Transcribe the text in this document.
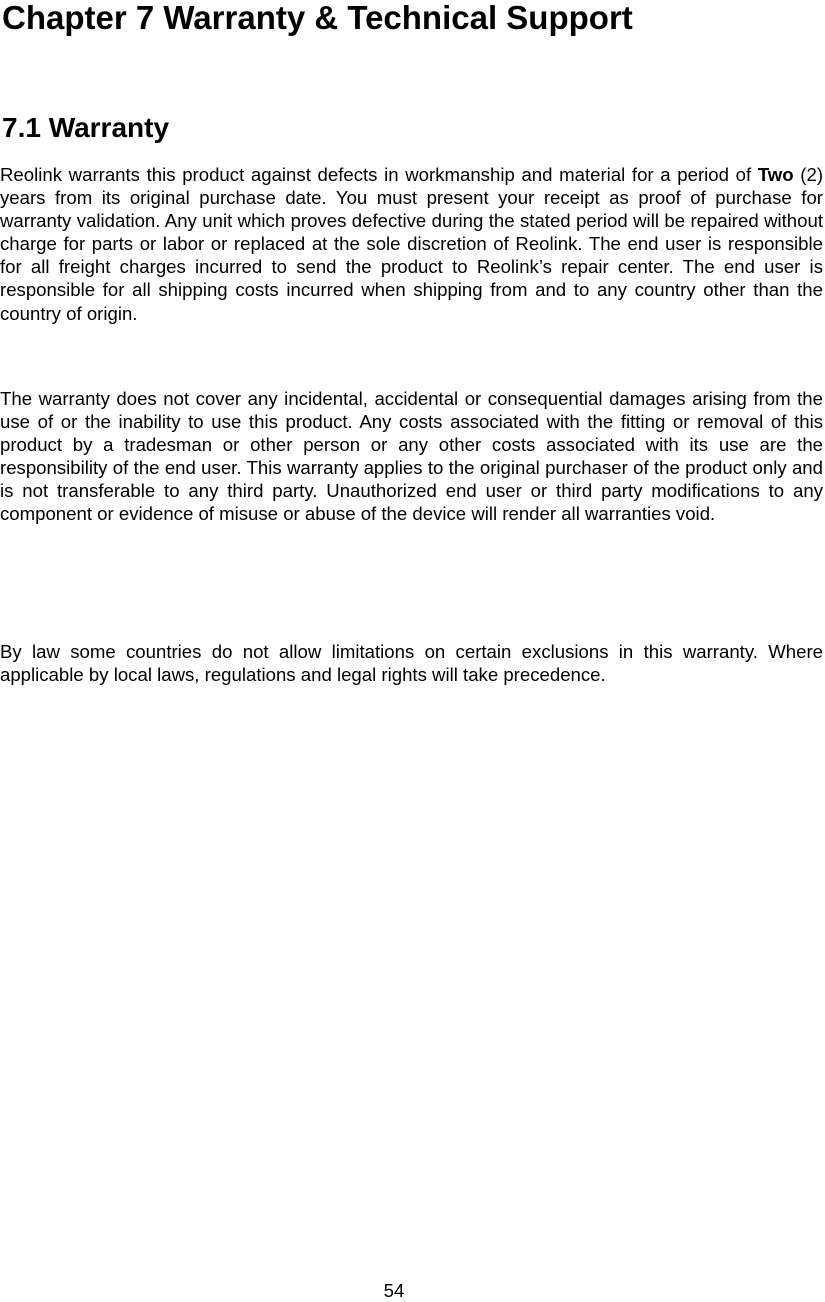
Chapter 7 Warranty & Technical Support
7.1 Warranty

Reolink warrants this product against defects in workmanship and material for a period of Two (2) years from its original purchase date. You must present your receipt as proof of purchase for warranty validation. Any unit which proves defective during the stated period will be repaired without charge for parts or labor or replaced at the sole discretion of Reolink. The end user is responsible for all freight charges incurred to send the product to Reolink’s repair center. The end user is responsible for all shipping costs incurred when shipping from and to any country other than the country of origin.

The warranty does not cover any incidental, accidental or consequential damages arising from the use of or the inability to use this product. Any costs associated with the fitting or removal of this product by a tradesman or other person or any other costs associated with its use are the responsibility of the end user. This warranty applies to the original purchaser of the product only and is not transferable to any third party. Unauthorized end user or third party modifications to any component or evidence of misuse or abuse of the device will render all warranties void.

By law some countries do not allow limitations on certain exclusions in this warranty. Where applicable by local laws, regulations and legal rights will take precedence.

54
